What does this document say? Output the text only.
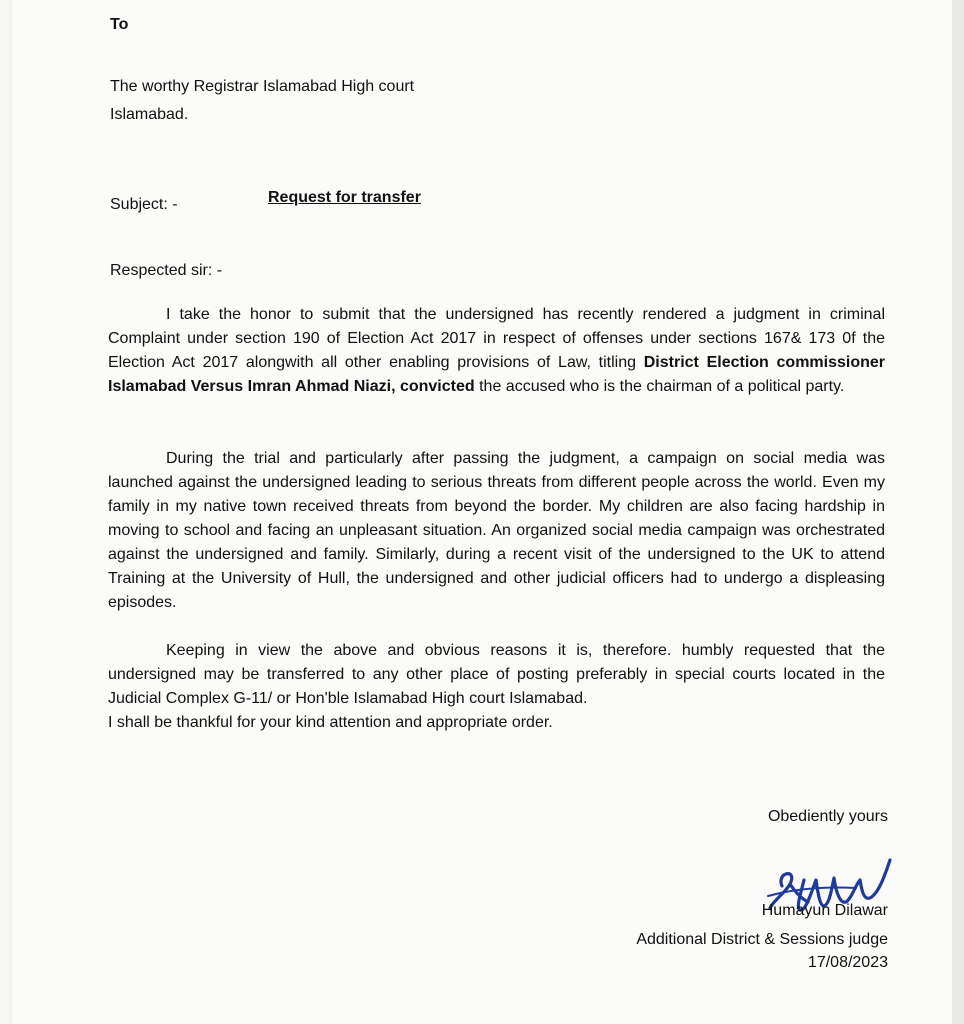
To
The worthy Registrar Islamabad High court
Islamabad.
Subject: -	Request for transfer
Respected sir: -
I take the honor to submit that the undersigned has recently rendered a judgment in criminal Complaint under section 190 of Election Act 2017 in respect of offenses under sections 167& 173 0f the Election Act 2017 alongwith all other enabling provisions of Law, titling District Election commissioner Islamabad Versus Imran Ahmad Niazi, convicted the accused who is the chairman of a political party.
During the trial and particularly after passing the judgment, a campaign on social media was launched against the undersigned leading to serious threats from different people across the world. Even my family in my native town received threats from beyond the border. My children are also facing hardship in moving to school and facing an unpleasant situation. An organized social media campaign was orchestrated against the undersigned and family. Similarly, during a recent visit of the undersigned to the UK to attend Training at the University of Hull, the undersigned and other judicial officers had to undergo a displeasing episodes.
Keeping in view the above and obvious reasons it is, therefore. humbly requested that the undersigned may be transferred to any other place of posting preferably in special courts located in the Judicial Complex G-11/ or Hon'ble Islamabad High court Islamabad.
I shall be thankful for your kind attention and appropriate order.
Obediently yours
Humayun Dilawar
Additional District & Sessions judge
17/08/2023
